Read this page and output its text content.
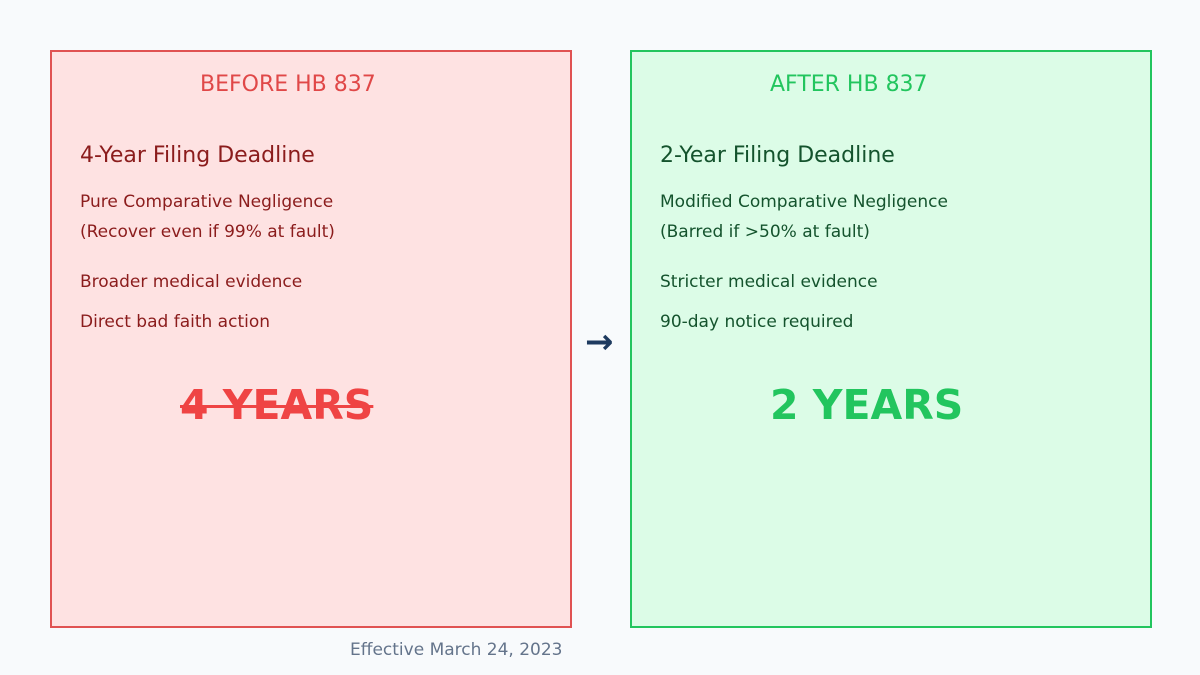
BEFORE HB 837
4-Year Filing Deadline
Pure Comparative Negligence
(Recover even if 99% at fault)
Broader medical evidence
Direct bad faith action
4 YEARS
→
AFTER HB 837
2-Year Filing Deadline
Modified Comparative Negligence
(Barred if >50% at fault)
Stricter medical evidence
90-day notice required
2 YEARS
Effective March 24, 2023
